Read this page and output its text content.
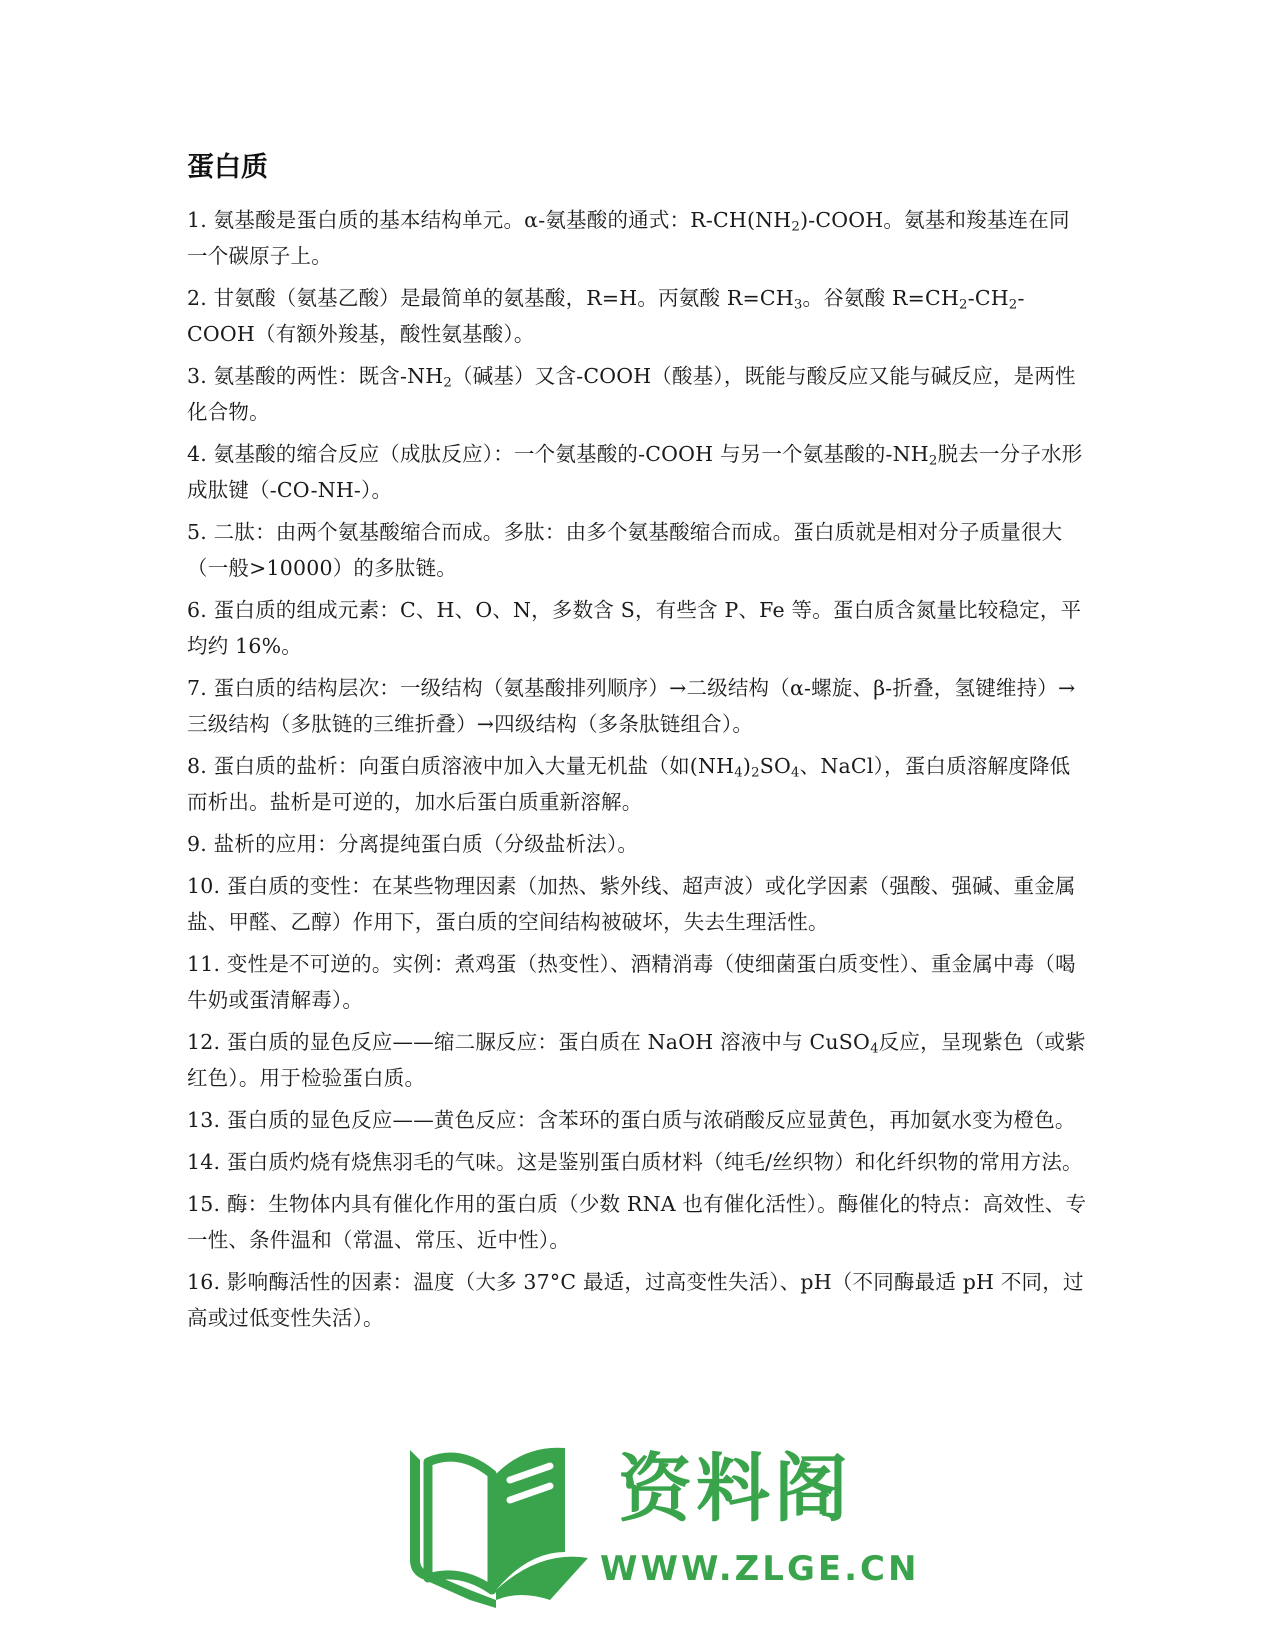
蛋白质

1. 氨基酸是蛋白质的基本结构单元。α-氨基酸的通式：$R-CH(NH_2)$-COOH。氨基和羧基连在同一个碳原子上。

2. 甘氨酸（氨基乙酸）是最简单的氨基酸，R=H。丙氨酸 $R=CH_3$。谷氨酸 $R=CH_2-CH_2-COOH$（有额外羧基，酸性氨基酸）。

3. 氨基酸的两性：既含$-NH_2$（碱基）又含-COOH（酸基），既能与酸反应又能与碱反应，是两性化合物。

4. 氨基酸的缩合反应（成肽反应）：一个氨基酸的-COOH 与另一个氨基酸的$-NH_2$脱去一分子水形成肽键（-CO-NH-）。

5. 二肽：由两个氨基酸缩合而成。多肽：由多个氨基酸缩合而成。蛋白质就是相对分子质量很大（一般>10000）的多肽链。

6. 蛋白质的组成元素：C、H、O、N，多数含 S，有些含 P、Fe 等。蛋白质含氮量比较稳定，平均约 16%。

7. 蛋白质的结构层次：一级结构（氨基酸排列顺序）→二级结构（α-螺旋、β-折叠，氢键维持）→三级结构（多肽链的三维折叠）→四级结构（多条肽链组合）。

8. 蛋白质的盐析：向蛋白质溶液中加入大量无机盐（如$(NH_4)_2SO_4$、NaCl），蛋白质溶解度降低而析出。盐析是可逆的，加水后蛋白质重新溶解。

9. 盐析的应用：分离提纯蛋白质（分级盐析法）。

10. 蛋白质的变性：在某些物理因素（加热、紫外线、超声波）或化学因素（强酸、强碱、重金属盐、甲醛、乙醇）作用下，蛋白质的空间结构被破坏，失去生理活性。

11. 变性是不可逆的。实例：煮鸡蛋（热变性）、酒精消毒（使细菌蛋白质变性）、重金属中毒（喝牛奶或蛋清解毒）。

12. 蛋白质的显色反应——缩二脲反应：蛋白质在 NaOH 溶液中与 CuSO$_4$反应，呈现紫色（或紫红色）。用于检验蛋白质。

13. 蛋白质的显色反应——黄色反应：含苯环的蛋白质与浓硝酸反应显黄色，再加氨水变为橙色。

14. 蛋白质灼烧有烧焦羽毛的气味。这是鉴别蛋白质材料（纯毛/丝织物）和化纤织物的常用方法。

15. 酶：生物体内具有催化作用的蛋白质（少数 RNA 也有催化活性）。酶催化的特点：高效性、专一性、条件温和（常温、常压、近中性）。

16. 影响酶活性的因素：温度（大多 37°C 最适，过高变性失活）、pH（不同酶最适 pH 不同，过高或过低变性失活）。

资料阁
WWW.ZLGE.CN
